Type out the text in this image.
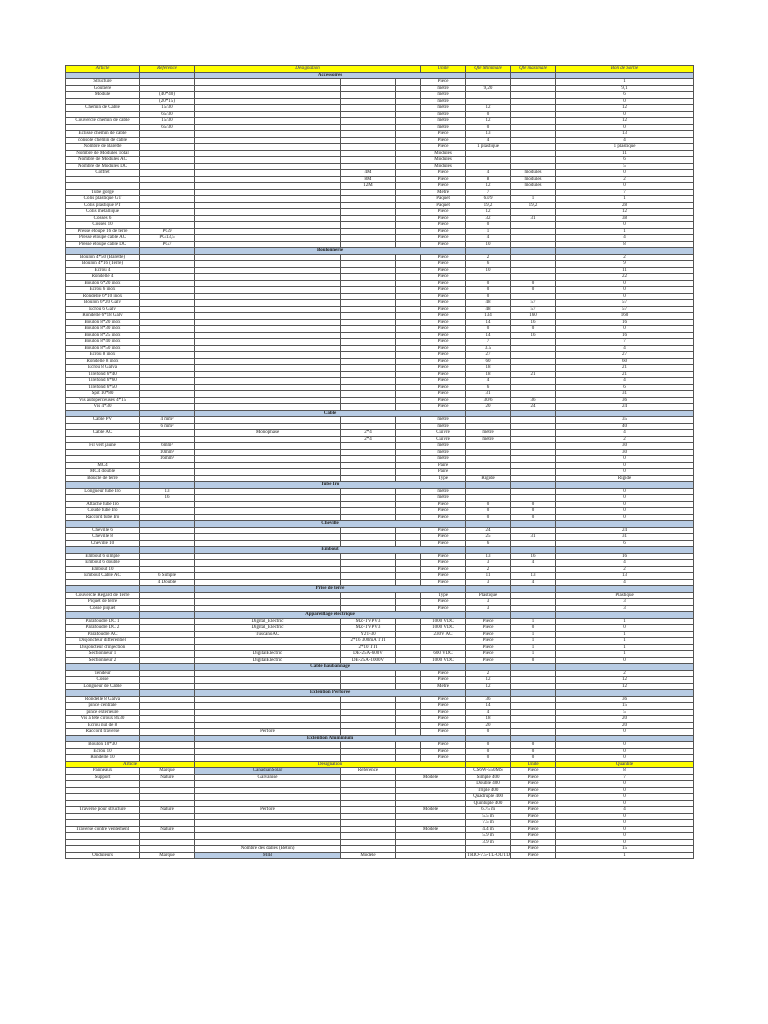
Article	Référence	Désignation			Unité	Qté Minimale	Qté maximale	Bon de Sortie
		Accessoires						
Structure					Pièce			1
Goutière					mètre	9,20		9,1
Module	(40*40)				mètre			6
	(20*15)				mètre			0
Chemin de Cable	15/30				mètre	12		12
	65/30				mètre	0		0
Couvercle chemin de cable	15/30				mètre	12		12
	65/30				mètre	0		0
Eclisse chemin de cable					Pièce	13		13
console chemin de cable					Pièce	4		4
Nombre de Barette					Pièce	1 plastique		1 plastique
Nombre de Modules Total					Modules			11
Nombre de Modules AC					Modules			6
Nombre de Modules DC					Modules			5
Coffret			4M		Pièce	4	modules	0
			8M		Pièce	8	modules	2
			12M		Pièce	12	modules	0
Tube gorge					Mètre	7		7
Colis plastique GT					Paquet	63/9	1	1
Colis plastique PT					Paquet	19,2	19,2	28
Colis metallique					Pièce	12		12
Cosses 6					Pièce	32	31	38
Cosses 10					Pièce	0		0
Presse étoupe 16 de terre	PG9				Pièce	1		1
Presse étoupe cable AC	PG13,5				Pièce	4		4
Presse étoupe cable DC	PG7				Pièce	10		8
		Boulonnerie						
Boulon 4*50 (Barette)					Pièce	2		2
Boulon 4*16 (Terre)					Pièce	6		9
Ecrou 4					Pièce	10		11
Rondelle 4					Pièce			22
Boulon 6*20 inox					Pièce	0	0	0
Ecrou 6 inox					Pièce	0	0	0
Rondelle 6*10 inox					Pièce	0		0
Boulon 6*20 Galv					Pièce	48	57	57
Ecrou 6 Galv					Pièce	48	57	57
Rondelle 6*18 Galv					Pièce	134	160	160
Boulon 8*20 inox					Pièce	14	16	16
Boulon 8*30 inox					Pièce	0	0	0
Boulon 8*25 inox					Pièce	14	16	16
Boulon 8*40 inox					Pièce	7		7
Boulon 8*50 inox					Pièce	3.5		4
Ecrou 8 inox					Pièce	27		27
Rondelle 8 inox					Pièce	60		60
Ecrou 8 Galva					Pièce	18		21
Tirefond 6*40					Pièce	18	21	21
Tirefond 6*60					Pièce	4		4
Tirefond 6*50					Pièce	6		6
Spit 10*80					Pièce	31		31
Vis autoperceuses 4*15					Pièce	30/6	36	36
Vis 4*30					Pièce	20	24	24
		Câble						
Cable PV	4 mm²				mètre			35
	6 mm²				mètre			40
Cable AC		Monophasé	2*4		Cuivre	mètre		4
			2*4		Cuivre	mètre		2
Fil vert jaune	6mm²				mètre			30
	10mm²				mètre			30
	16mm²				mètre			0
MC4					Paire			0
MC4 double					Paire			0
Boucle de terre					Type	Rigide		Rigide
		Tube Iro						
Longueur tube Iro	13				mètre			0
	16				mètre			0
Attache tube Iro					Pièce	0	0	0
Coude tube Iro					Pièce	0	0	0
Raccord tube Iro					Pièce	0	0	0
		Cheville						
Cheville 6					Pièce	24		24
Cheville 8					Pièce	25	31	31
Cheville 10					Pièce	6		6
		Embout						
Embout 6 simple					Pièce	13	16	16
Embout 6 double					Pièce	3	4	4
Embout 10					Pièce	2		2
Embout Cable AC	6 Simple				Pièce	11	13	13
	4 Double				Pièce	3	4	4
		Prise de terre						
Couvercle Regard de Terre					Type	Plastique		Plastique
Piquet de terre					Pièce	3		3
Cosse piquet					Pièce	3		3
		Appareillage électrique						
Parafoudre DC 1		Digital_Electric	MZ-TVPV3		1000 VDC	Pièce	1	1
Parafoudre DC 2		Digital_Electric	MZ-TVPV3		1000 VDC	Pièce	0	0
Parafoudre AC		TuscanoAC	Y2T-30		230V AC	Pièce	1	1
Disjoncteur différentiel			2*16 300mA TTI			Pièce	1	1
Disjoncteur d'injection			2*10 TTI			Pièce	1	1
Sectionneur 1		DigitalElectric	DE-25A-600V		600 VDC	Pièce	1	1
Sectionneur 2		DigitalElectric	DE-25A-1000V		1000 VDC	Pièce	0	0
		Câble haubannage						
Tendeur					Pièce	2		2
Cosse					Pièce	12		12
Longueur de Cable					Mètre	12		12
		Extention Perforée						
Rondelle 8 Galva					Pièce	36		36
pince centrale					Pièce	14		15
pince exterieure					Pièce	4		5
Vis à tête ciroux 8x30					Pièce	18		20
Ecrou nul de 8					Pièce	20		20
Raccord traverse		Perforé			Pièce	0		0
		Extention Aluminium						
Boulon 10*30					Pièce	0	0	0
Ecrou 10					Pièce	0	0	0
Rondelle 10					Pièce	0	0	0
Article		Désignation					Unité	Quantité
Panneaux	Marque	CanadianSolar	Référence			CS6W-550MS	Pièce	8
Support	Nature	Galvanisé		Modèle		Simple 400	Pièce	7
						Double 400	Pièce	0
						Triple 400	Pièce	0
						Quadruple 400	Pièce	0
						Quintuple 400	Pièce	0
Traverse pour structure	Nature	Perforé		Modèle		6.75 m	Pièce	4
						5.5 m	Pièce	0
						7.5 m	Pièce	0
Traverse contre ventement	Nature			Modèle		4.4 m	Pièce	0
						5.9 m	Pièce	0
						3.9 m	Pièce	0
		Nombre des dalles (Beton)					Pièce	15
Onduleurs	Marque	MIB	Modèle			TRIO-7.5-TL-OUTD	Pièce	1
